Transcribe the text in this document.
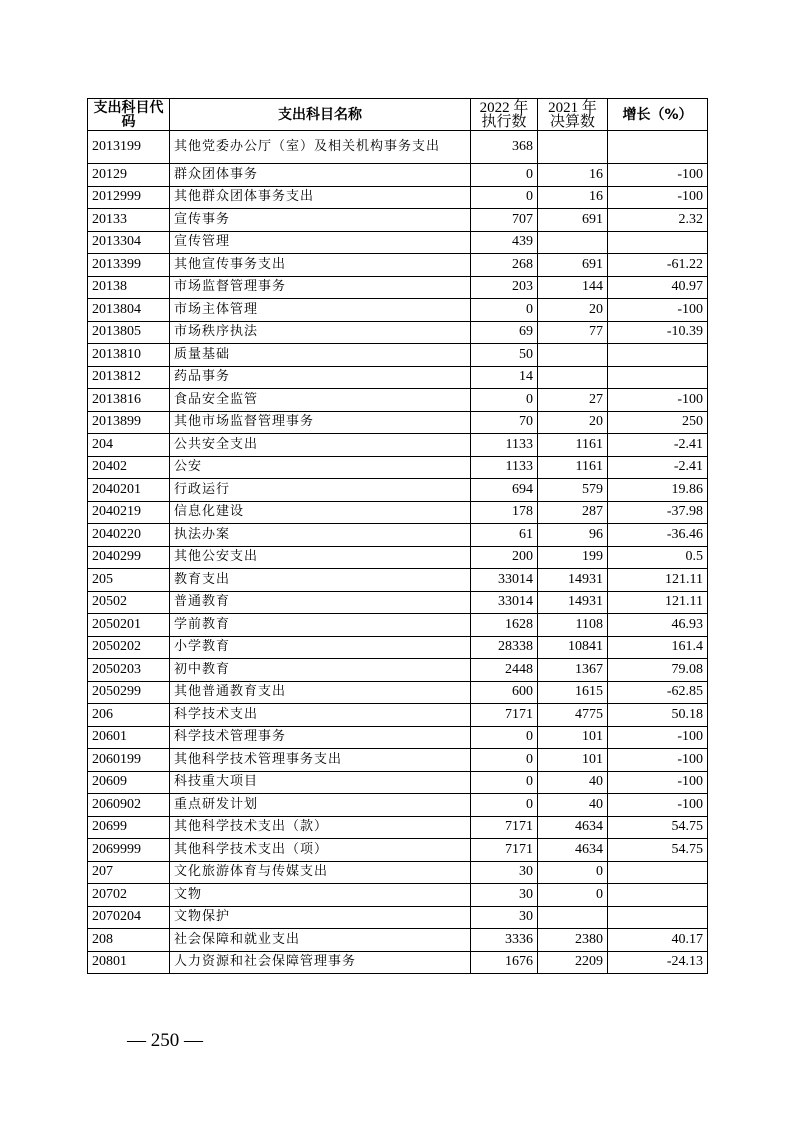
支出科目代码	支出科目名称	2022 年执行数	2021 年决算数	增长（%）
2013199	其他党委办公厅（室）及相关机构事务支出	368		
20129	群众团体事务	0	16	-100
2012999	其他群众团体事务支出	0	16	-100
20133	宣传事务	707	691	2.32
2013304	宣传管理	439		
2013399	其他宣传事务支出	268	691	-61.22
20138	市场监督管理事务	203	144	40.97
2013804	市场主体管理	0	20	-100
2013805	市场秩序执法	69	77	-10.39
2013810	质量基础	50		
2013812	药品事务	14		
2013816	食品安全监管	0	27	-100
2013899	其他市场监督管理事务	70	20	250
204	公共安全支出	1133	1161	-2.41
20402	公安	1133	1161	-2.41
2040201	行政运行	694	579	19.86
2040219	信息化建设	178	287	-37.98
2040220	执法办案	61	96	-36.46
2040299	其他公安支出	200	199	0.5
205	教育支出	33014	14931	121.11
20502	普通教育	33014	14931	121.11
2050201	学前教育	1628	1108	46.93
2050202	小学教育	28338	10841	161.4
2050203	初中教育	2448	1367	79.08
2050299	其他普通教育支出	600	1615	-62.85
206	科学技术支出	7171	4775	50.18
20601	科学技术管理事务	0	101	-100
2060199	其他科学技术管理事务支出	0	101	-100
20609	科技重大项目	0	40	-100
2060902	重点研发计划	0	40	-100
20699	其他科学技术支出（款）	7171	4634	54.75
2069999	其他科学技术支出（项）	7171	4634	54.75
207	文化旅游体育与传媒支出	30	0	
20702	文物	30	0	
2070204	文物保护	30		
208	社会保障和就业支出	3336	2380	40.17
20801	人力资源和社会保障管理事务	1676	2209	-24.13
— 250 —
